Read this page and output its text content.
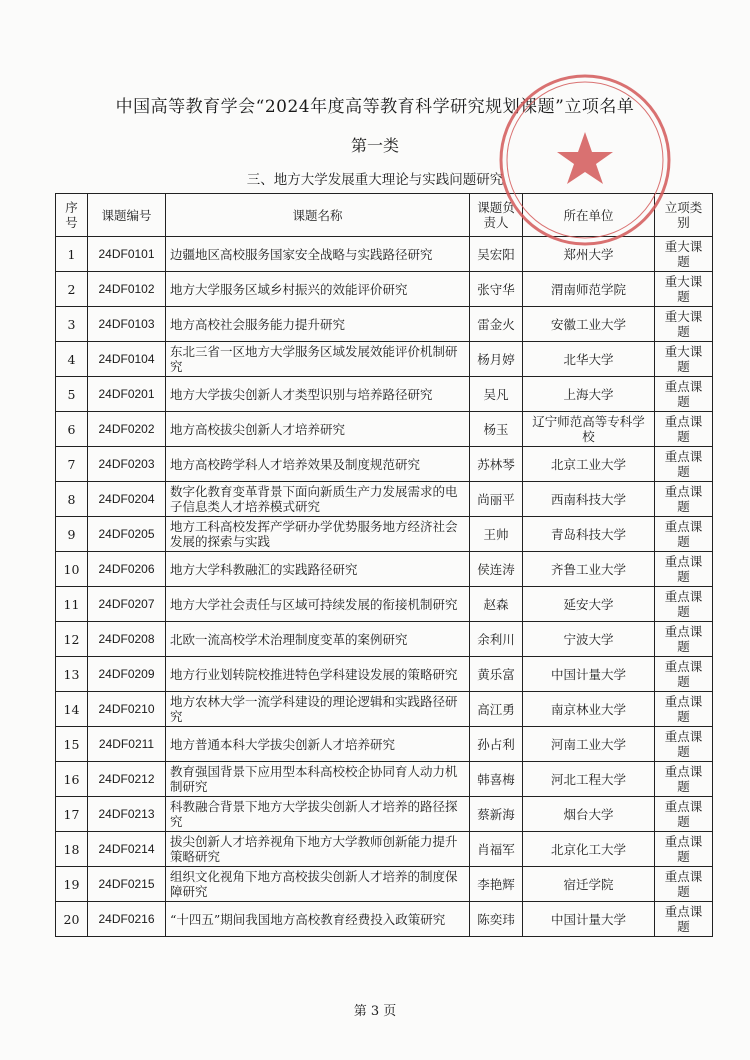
中国高等教育学会“2024年度高等教育科学研究规划课题”立项名单
第一类
三、地方大学发展重大理论与实践问题研究
序号	课题编号	课题名称	课题负责人	所在单位	立项类别
1	24DF0101	边疆地区高校服务国家安全战略与实践路径研究	吴宏阳	郑州大学	重大课题
2	24DF0102	地方大学服务区域乡村振兴的效能评价研究	张守华	渭南师范学院	重大课题
3	24DF0103	地方高校社会服务能力提升研究	雷金火	安徽工业大学	重大课题
4	24DF0104	东北三省一区地方大学服务区域发展效能评价机制研究	杨月婷	北华大学	重大课题
5	24DF0201	地方大学拔尖创新人才类型识别与培养路径研究	吴凡	上海大学	重点课题
6	24DF0202	地方高校拔尖创新人才培养研究	杨玉	辽宁师范高等专科学校	重点课题
7	24DF0203	地方高校跨学科人才培养效果及制度规范研究	苏林琴	北京工业大学	重点课题
8	24DF0204	数字化教育变革背景下面向新质生产力发展需求的电子信息类人才培养模式研究	尚丽平	西南科技大学	重点课题
9	24DF0205	地方工科高校发挥产学研办学优势服务地方经济社会发展的探索与实践	王帅	青岛科技大学	重点课题
10	24DF0206	地方大学科教融汇的实践路径研究	侯连涛	齐鲁工业大学	重点课题
11	24DF0207	地方大学社会责任与区域可持续发展的衔接机制研究	赵森	延安大学	重点课题
12	24DF0208	北欧一流高校学术治理制度变革的案例研究	余利川	宁波大学	重点课题
13	24DF0209	地方行业划转院校推进特色学科建设发展的策略研究	黄乐富	中国计量大学	重点课题
14	24DF0210	地方农林大学一流学科建设的理论逻辑和实践路径研究	高江勇	南京林业大学	重点课题
15	24DF0211	地方普通本科大学拔尖创新人才培养研究	孙占利	河南工业大学	重点课题
16	24DF0212	教育强国背景下应用型本科高校校企协同育人动力机制研究	韩喜梅	河北工程大学	重点课题
17	24DF0213	科教融合背景下地方大学拔尖创新人才培养的路径探究	蔡新海	烟台大学	重点课题
18	24DF0214	拔尖创新人才培养视角下地方大学教师创新能力提升策略研究	肖福军	北京化工大学	重点课题
19	24DF0215	组织文化视角下地方高校拔尖创新人才培养的制度保障研究	李艳辉	宿迁学院	重点课题
20	24DF0216	“十四五”期间我国地方高校教育经费投入政策研究	陈奕玮	中国计量大学	重点课题
第 3 页
